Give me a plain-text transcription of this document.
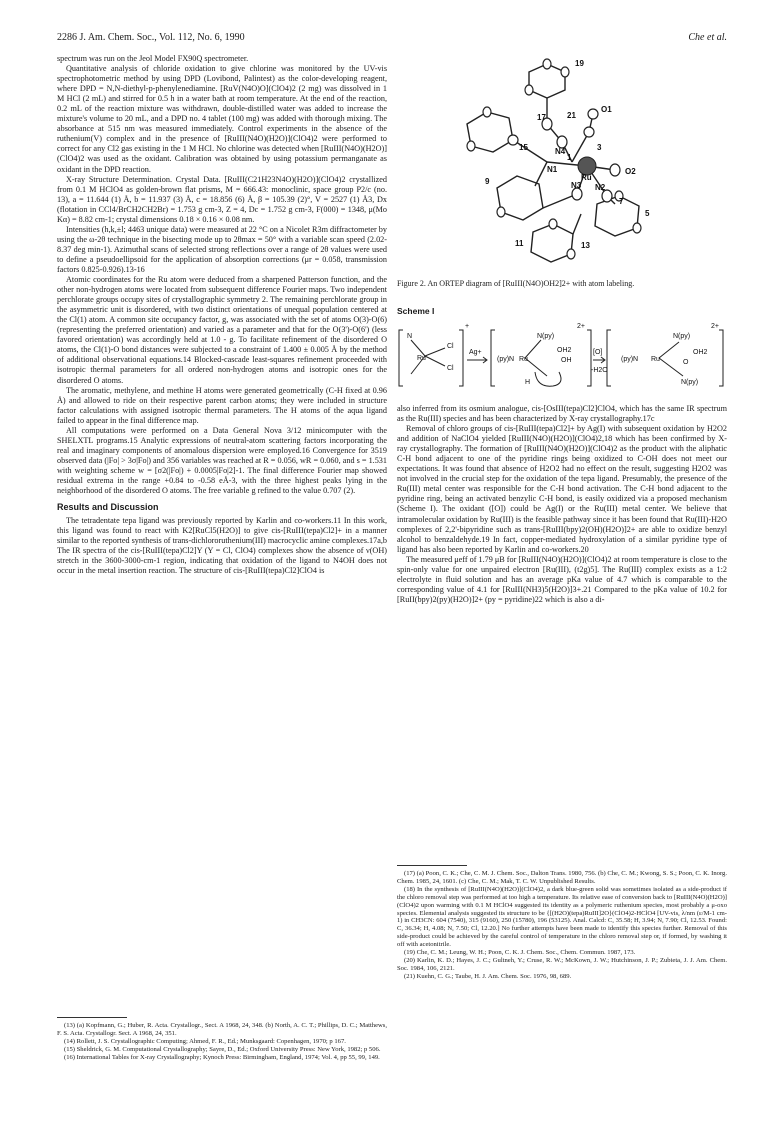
2286 J. Am. Chem. Soc., Vol. 112, No. 6, 1990	Che et al.

spectrum was run on the Jeol Model FX90Q spectrometer.

Quantitative analysis of chloride oxidation to give chlorine was monitored by the UV-vis spectrophotometric method by using DPD (Lovibond, Palintest) as the color-developing reagent, where DPD = N,N-diethyl-p-phenylenediamine. [RuV(N4O)O](ClO4)2 (2 mg) was dissolved in 1 M HCl (2 mL) and stirred for 0.5 h in a water bath at room temperature. At the end of the reaction, 0.2 mL of the reaction mixture was withdrawn, double-distilled water was added to increase the mixture's volume to 20 mL, and a DPD no. 4 tablet (100 mg) was added with thorough mixing. The absorbance at 515 nm was measured immediately. Control experiments in the absence of the ruthenium(V) complex and in the presence of [RuIII(N4O)(H2O)](ClO4)2 were performed to correct for any Cl2 gas existing in the 1 M HCl. No chlorine was detected when [RuIII(N4O)(H2O)](ClO4)2 was used as the oxidant. Calibration was obtained by using potassium permanganate as oxidant in the DPD reaction.

X-ray Structure Determination. Crystal Data. [RuIII(C21H23N4O)(H2O)](ClO4)2 crystallized from 0.1 M HClO4 as golden-brown flat prisms, M = 666.43: monoclinic, space group P2/c (no. 13), a = 11.644 (1) Å, b = 11.937 (3) Å, c = 18.856 (6) Å, β = 105.39 (2)°, V = 2527 (1) Å3, Dx (flotation in CCl4/BrCH2CH2Br) = 1.753 g cm-3, Z = 4, Dc = 1.752 g cm-3, F(000) = 1348, μ(Mo Kα) = 8.82 cm-1; crystal dimensions 0.18 × 0.16 × 0.08 nm.

Intensities (h,k,±l; 4463 unique data) were measured at 22 °C on a Nicolet R3m diffractometer by using the ω-2θ technique in the bisecting mode up to 2θmax = 50° with a variable scan speed (2.02-8.37 deg min-1). Azimuthal scans of selected strong reflections over a range of 2θ values were used to define a pseudoellipsoid for the application of absorption corrections (μr = 0.058, transmission factors 0.825-0.926).13-16

Atomic coordinates for the Ru atom were deduced from a sharpened Patterson function, and the other non-hydrogen atoms were located from subsequent difference Fourier maps. Two independent perchlorate groups occupy sites of crystallographic symmetry 2. The remaining perchlorate group in the asymmetric unit is disordered, with two distinct orientations of unequal population centered at the Cl(1) atom. A common site occupancy factor, g, was associated with the set of atoms O(3)-O(6) (representing the preferred orientation) and varied as a parameter and that for the O(3')-O(6') (less favored orientation) was accordingly held at 1.0 - g. To facilitate refinement of the disordered O atoms, the Cl(1)-O bond distances were subjected to a constraint of 1.400 ± 0.005 Å by the method of additional observational equations.14 Blocked-cascade least-squares refinement proceeded with isotropic thermal parameters for all ordered non-hydrogen atoms and isotropic ones for the disordered O atoms.

The aromatic, methylene, and methine H atoms were generated geometrically (C-H fixed at 0.96 Å) and allowed to ride on their respective parent carbon atoms; they were included in structure factor calculations with assigned isotropic thermal parameters. The H atoms of the aqua ligand failed to appear in the final difference map.

All computations were performed on a Data General Nova 3/12 minicomputer with the SHELXTL programs.15 Analytic expressions of neutral-atom scattering factors incorporating the real and imaginary components of anomalous dispersion were employed.16 Convergence for 3519 observed data (|Fo| > 3σ|Fo|) and 356 variables was reached at R = 0.056, wR = 0.060, and s = 1.531 with weighting scheme w = [σ2(|Fo|) + 0.0005|Fo|2]-1. The final difference Fourier map showed residual extrema in the range +0.84 to -0.58 eÅ-3, with the three highest peaks lying in the neighborhood of the disordered O atoms. The free variable g refined to the value 0.707 (2).

Results and Discussion

The tetradentate tepa ligand was previously reported by Karlin and co-workers.11 In this work, this ligand was found to react with K2[RuCl5(H2O)] to give cis-[RuIII(tepa)Cl2]+ in a manner similar to the reported synthesis of trans-dichlororuthenium(III) macrocyclic amine complexes.17a,b The IR spectra of the cis-[RuIII(tepa)Cl2]Y (Y = Cl, ClO4) complexes show the absence of ν(OH) stretch in the 3600-3000-cm-1 region, indicating that oxidation of the ligand to N4OH does not occur in the metal insertion reaction. The structure of cis-[RuIII(tepa)Cl2]ClO4 is

(13) (a) Kopfmann, G.; Huber, R. Acta. Crystallogr., Sect. A 1968, 24, 348. (b) North, A. C. T.; Phillips, D. C.; Matthews, F. S. Acta. Crystallogr. Sect. A 1968, 24, 351.

(14) Rollett, J. S. Crystallographic Computing; Ahmed, F. R., Ed.; Munksgaard: Copenhagen, 1970; p 167.

(15) Sheldrick, G. M. Computational Crystallography; Sayre, D., Ed.; Oxford University Press: New York, 1982; p 506.

(16) International Tables for X-ray Crystallography; Kynoch Press: Birmingham, England, 1974; Vol. 4, pp 55, 99, 149.

19
17	21
O1
15	N4
1
N1
Ru
O2
3
9	N3 N2
5
7
11	13
Figure 2. An ORTEP diagram of [RuIII(N4O)OH2]2+ with atom labeling.
Scheme I
+	2+	2+
Ag+	[O]
-H2O
N
Cl
Cl
Ru
N(py)
OH2
(py)N Ru	OH
N(py)
OH2
(py)N Ru	O
N(py)
H

also inferred from its osmium analogue, cis-[OsIII(tepa)Cl2]ClO4, which has the same IR spectrum as the Ru(III) species and has been characterized by X-ray crystallography.17c

Removal of chloro groups of cis-[RuIII(tepa)Cl2]+ by Ag(I) with subsequent oxidation by H2O2 and addition of NaClO4 yielded [RuIII(N4O)(H2O)](ClO4)2,18 which has been confirmed by X-ray crystallography. The formation of [RuIII(N4O)(H2O)](ClO4)2 as the product with the aliphatic C-H bond adjacent to one of the pyridine rings being oxidized to C-OH does not meet our expectations. It was found that absence of H2O2 had no effect on the result, suggesting H2O2 was not involved in the crucial step for the oxidation of the tepa ligand. Presumably, the presence of the Ru(III) metal center was responsible for the C-H bond activation. The C-H bond adjacent to the pyridine ring, being an activated benzylic C-H bond, is easily oxidized via a proposed mechanism (Scheme I). The oxidant ([O]) could be Ag(I) or the Ru(III) metal center. We believe that intramolecular oxidation by Ru(III) is the feasible pathway since it has been found that Ru(III)-H2O complexes of 2,2'-bipyridine such as trans-[RuIII(bpy)2(OH)(H2O)]2+ are able to oxidize benzyl alcohol to benzaldehyde.19 In fact, copper-mediated hydroxylation of a similar pyridine type of ligand has also been reported by Karlin and co-workers.20

The measured μeff of 1.79 μB for [RuIII(N4O)(H2O)](ClO4)2 at room temperature is close to the spin-only value for one unpaired electron [Ru(III), (t2g)5]. The Ru(III) complex exists as a 1:2 electrolyte in fluid solution and has an average pKa value of 4.7 which is comparable to the corresponding value of 4.1 for [RuIII(NH3)5(H2O)]3+.21 Compared to the pKa value of 10.2 for [RuII(bpy)2(py)(H2O)]2+ (py = pyridine)22 which is also a di-

(17) (a) Poon, C. K.; Che, C. M. J. Chem. Soc., Dalton Trans. 1980, 756. (b) Che, C. M.; Kwong, S. S.; Poon, C. K. Inorg. Chem. 1985, 24, 1601. (c) Che, C. M.; Mak, T. C. W. Unpublished Results.

(18) In the synthesis of [RuIII(N4O)(H2O)](ClO4)2, a dark blue-green solid was sometimes isolated as a side-product if the chloro removal step was performed at too high a temperature. Its relative ease of conversion back to [RuIII(N4O)(H2O)](ClO4)2 upon warming with 0.1 M HClO4 suggested its identity as a polymeric ruthenium species, most probably a μ-oxo species. Elemental analysis suggested its structure to be {[(H2O)(tepa)RuIII]2O}(ClO4)2-HClO4 [UV-vis, λ/nm (ε/M-1 cm-1) in CH3CN: 604 (7540), 315 (9160), 250 (15780), 196 (53125). Anal. Calcd: C, 35.58; H, 3.94; N, 7.90; Cl, 12.53. Found: C, 36.34; H, 4.08; N, 7.50; Cl, 12.20.] No further attempts have been made to identify this species further. Removal of this side-product could be achieved by the careful control of temperature in the chloro removal step or, if formed, by washing it off with acetonitrile.

(19) Che, C. M.; Leung, W. H.; Poon, C. K. J. Chem. Soc., Chem. Commun. 1987, 173.

(20) Karlin, K. D.; Hayes, J. C.; Gultneh, Y.; Cruse, R. W.; McKown, J. W.; Hutchinson, J. P.; Zubieta, J. J. Am. Chem. Soc. 1984, 106, 2121.

(21) Kuehn, C. G.; Taube, H. J. Am. Chem. Soc. 1976, 98, 689.
